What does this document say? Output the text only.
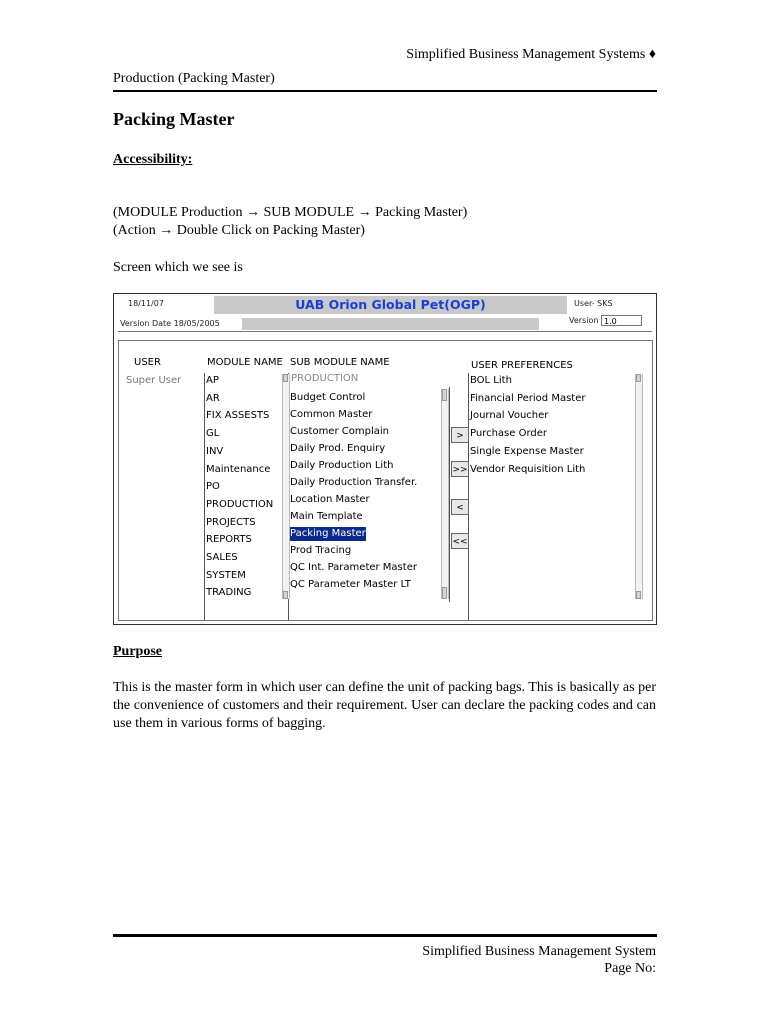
Simplified Business Management Systems ♦
Production (Packing Master)
Packing Master
Accessibility:
(MODULE Production → SUB MODULE → Packing Master)
(Action → Double Click on Packing Master)
Screen which we see is
18/11/07	UAB Orion Global Pet(OGP)	User- SKS
Version Date 18/05/2005	Version 1.0
USER	MODULE NAME SUB MODULE NAME	USER PREFERENCES
Super User AP
AR
FIX ASSESTS
GL
INV
Maintenance
PO
PRODUCTION
PROJECTS
REPORTS
SALES
SYSTEM
TRADING
PRODUCTION
Budget Control
Common Master
Customer Complain
Daily Prod. Enquiry
Daily Production Lith
Daily Production Transfer.
Location Master
Main Template
Packing Master
Prod Tracing
QC Int. Parameter Master
QC Parameter Master LT
>
>>
<
<<
BOL Lith
Financial Period Master
Journal Voucher
Purchase Order
Single Expense Master
Vendor Requisition Lith
Purpose
This is the master form in which user can define the unit of packing bags. This is basically as per the convenience of customers and their requirement. User can declare the packing codes and can use them in various forms of bagging.
Simplified Business Management System
Page No:
